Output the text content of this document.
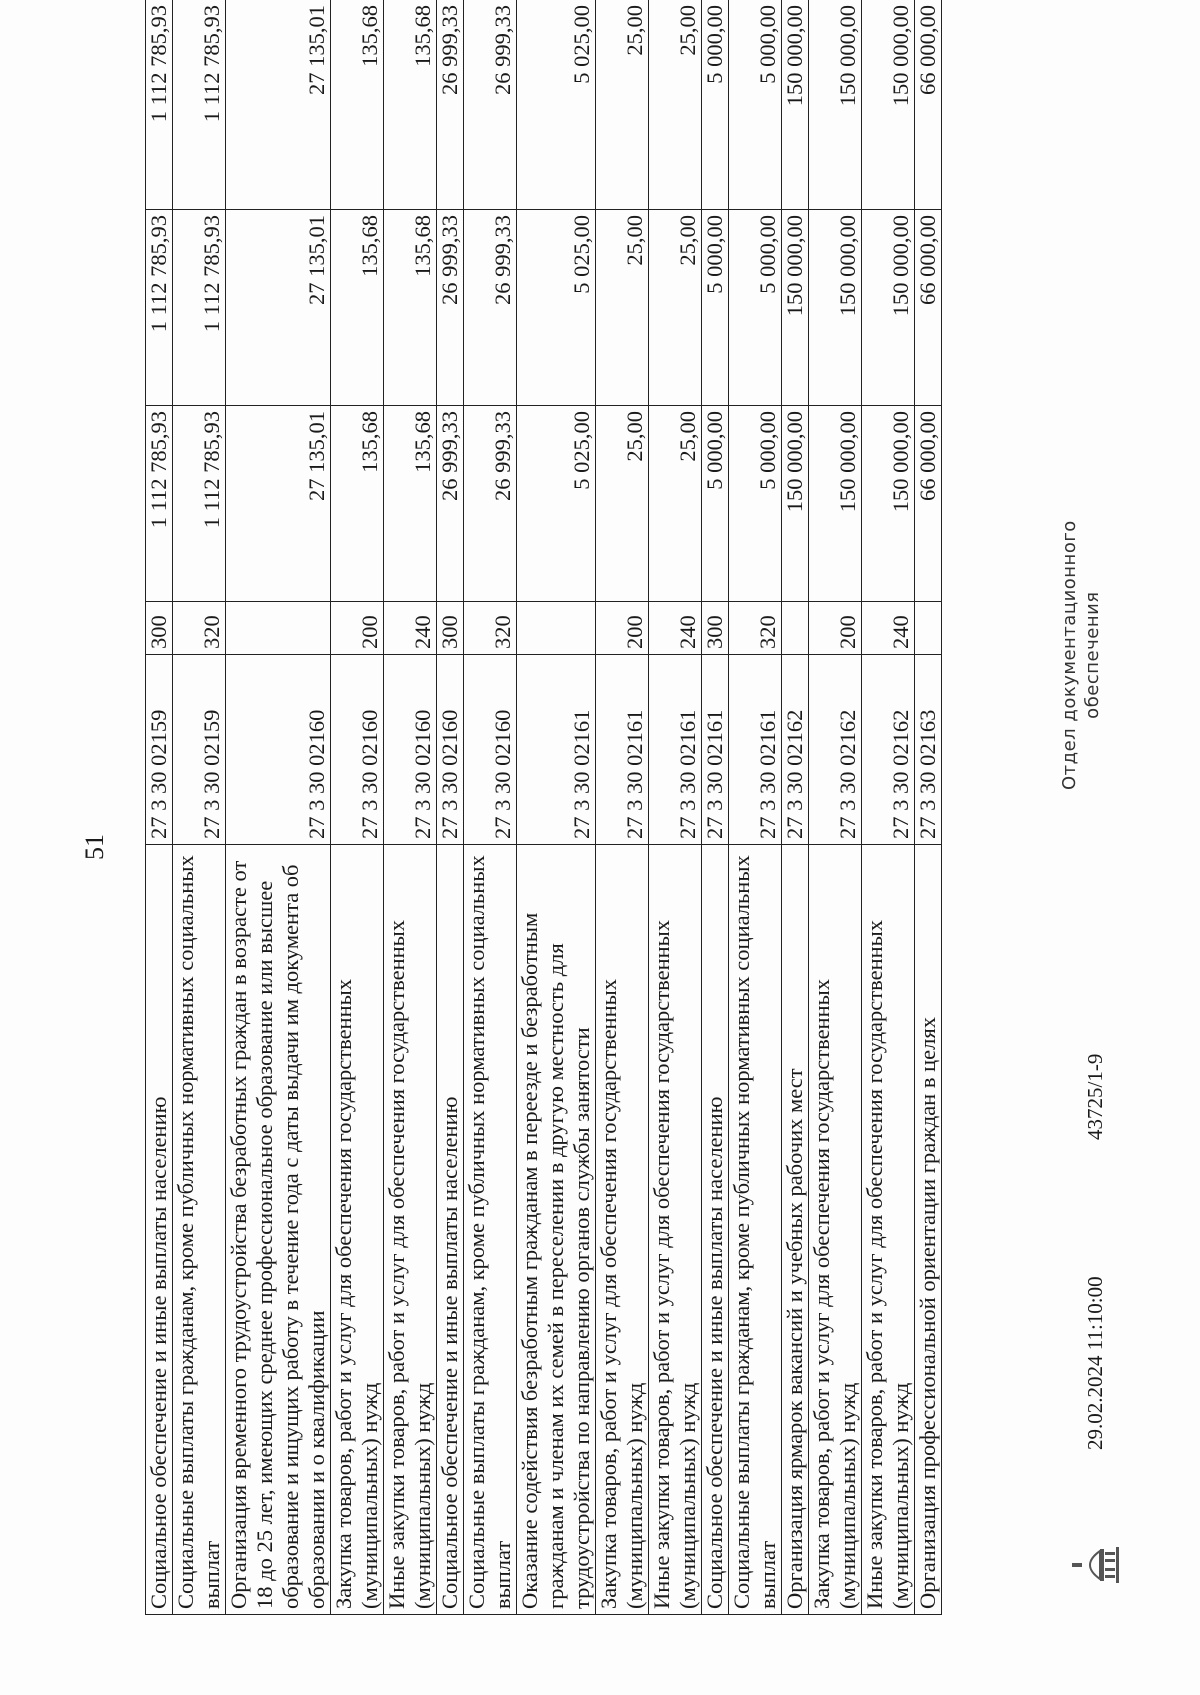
51
Социальное обеспечение и иные выплаты населению	27 3 30 02159	300	1 112 785,93	1 112 785,93	1 112 785,93
Социальные выплаты гражданам, кроме публичных нормативных социальных выплат	27 3 30 02159	320	1 112 785,93	1 112 785,93	1 112 785,93
Организация временного трудоустройства безработных граждан в возрасте от 18 до 25 лет, имеющих среднее профессиональное образование или высшее образование и ищущих работу в течение года с даты выдачи им документа об образовании и о квалификации	27 3 30 02160		27 135,01	27 135,01	27 135,01
Закупка товаров, работ и услуг для обеспечения государственных (муниципальных) нужд	27 3 30 02160	200	135,68	135,68	135,68
Иные закупки товаров, работ и услуг для обеспечения государственных (муниципальных) нужд	27 3 30 02160	240	135,68	135,68	135,68
Социальное обеспечение и иные выплаты населению	27 3 30 02160	300	26 999,33	26 999,33	26 999,33
Социальные выплаты гражданам, кроме публичных нормативных социальных выплат	27 3 30 02160	320	26 999,33	26 999,33	26 999,33
Оказание содействия безработным гражданам в переезде и безработным гражданам и членам их семей в переселении в другую местность для трудоустройства по направлению органов службы занятости	27 3 30 02161		5 025,00	5 025,00	5 025,00
Закупка товаров, работ и услуг для обеспечения государственных (муниципальных) нужд	27 3 30 02161	200	25,00	25,00	25,00
Иные закупки товаров, работ и услуг для обеспечения государственных (муниципальных) нужд	27 3 30 02161	240	25,00	25,00	25,00
Социальное обеспечение и иные выплаты населению	27 3 30 02161	300	5 000,00	5 000,00	5 000,00
Социальные выплаты гражданам, кроме публичных нормативных социальных выплат	27 3 30 02161	320	5 000,00	5 000,00	5 000,00
Организация ярмарок вакансий и учебных рабочих мест	27 3 30 02162		150 000,00	150 000,00	150 000,00
Закупка товаров, работ и услуг для обеспечения государственных (муниципальных) нужд	27 3 30 02162	200	150 000,00	150 000,00	150 000,00
Иные закупки товаров, работ и услуг для обеспечения государственных (муниципальных) нужд	27 3 30 02162	240	150 000,00	150 000,00	150 000,00
Организация профессиональной ориентации граждан в целях	27 3 30 02163		66 000,00	66 000,00	66 000,00
29.02.2024 11:10:00
43725/1-9
Отдел документационного обеспечения
